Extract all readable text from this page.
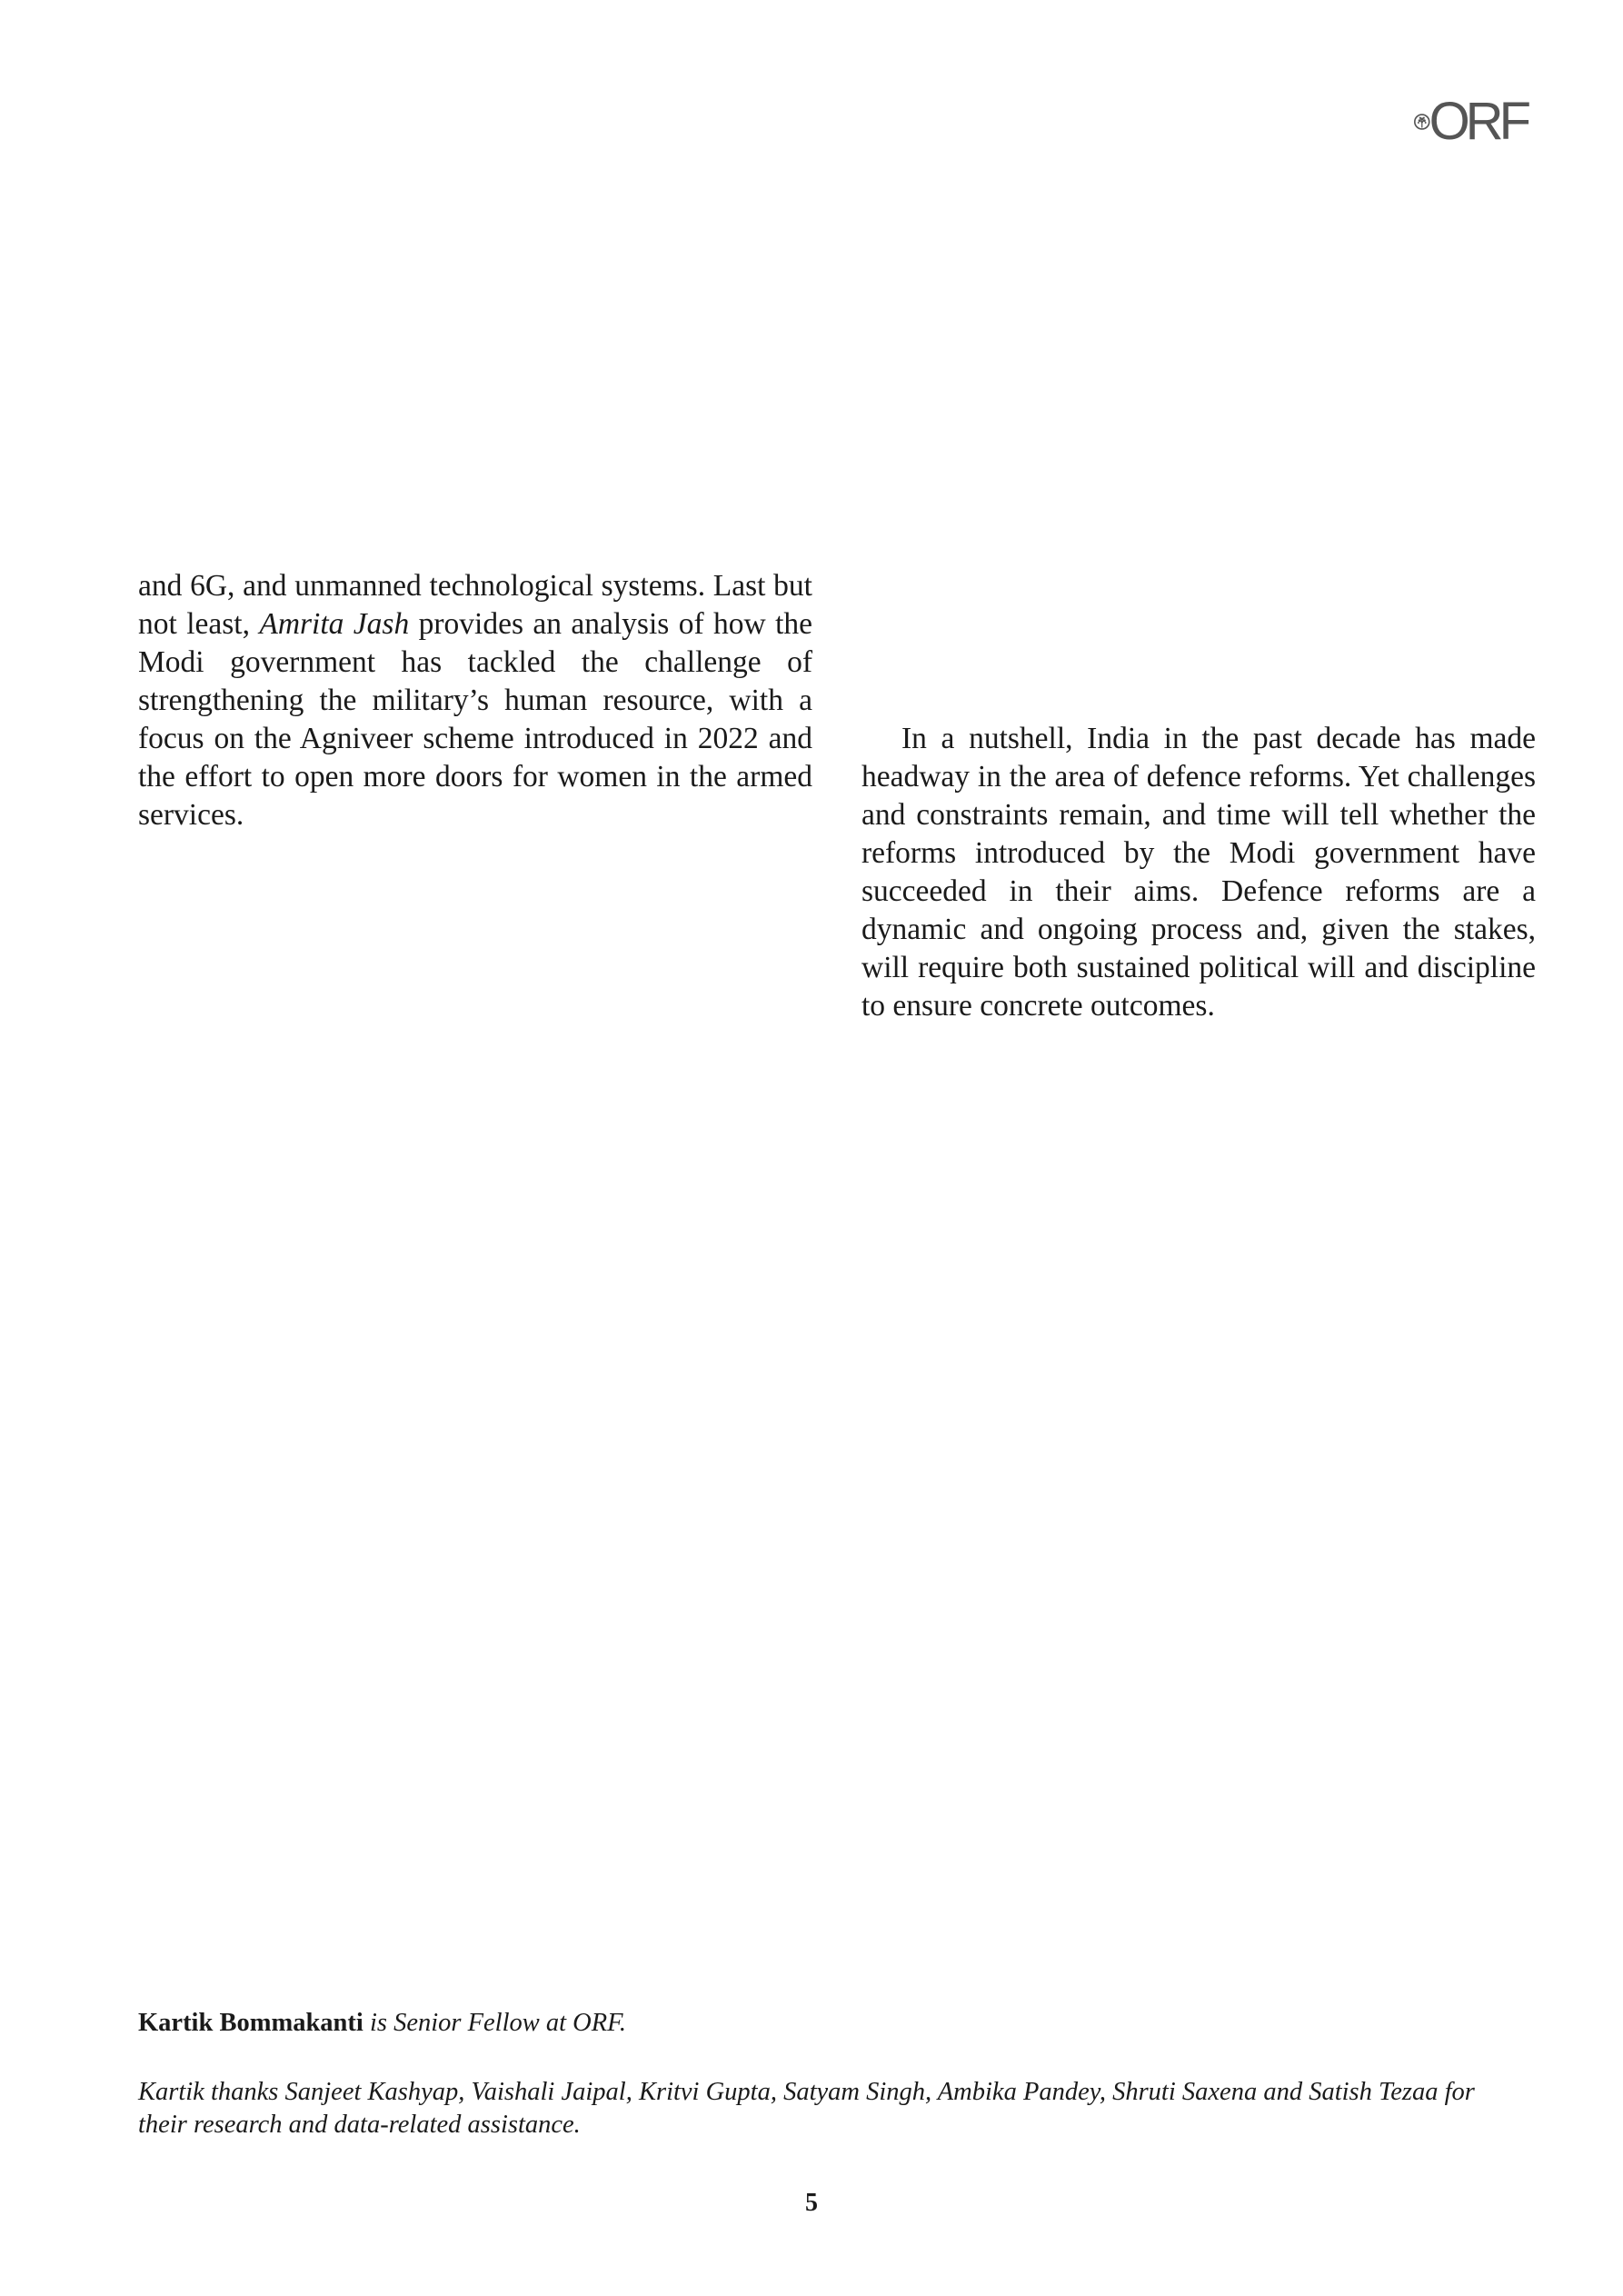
ORF

and 6G, and unmanned technological systems. Last but not least, Amrita Jash provides an analysis of how the Modi government has tackled the challenge of strengthening the military’s human resource, with a focus on the Agniveer scheme introduced in 2022 and the effort to open more doors for women in the armed services.

In a nutshell, India in the past decade has made headway in the area of defence reforms. Yet challenges and constraints remain, and time will tell whether the reforms introduced by the Modi government have succeeded in their aims. Defence reforms are a dynamic and ongoing process and, given the stakes, will require both sustained political will and discipline to ensure concrete outcomes.

Kartik Bommakanti is Senior Fellow at ORF.

Kartik thanks Sanjeet Kashyap, Vaishali Jaipal, Kritvi Gupta, Satyam Singh, Ambika Pandey, Shruti Saxena and Satish Tezaa for their research and data-related assistance.

5
